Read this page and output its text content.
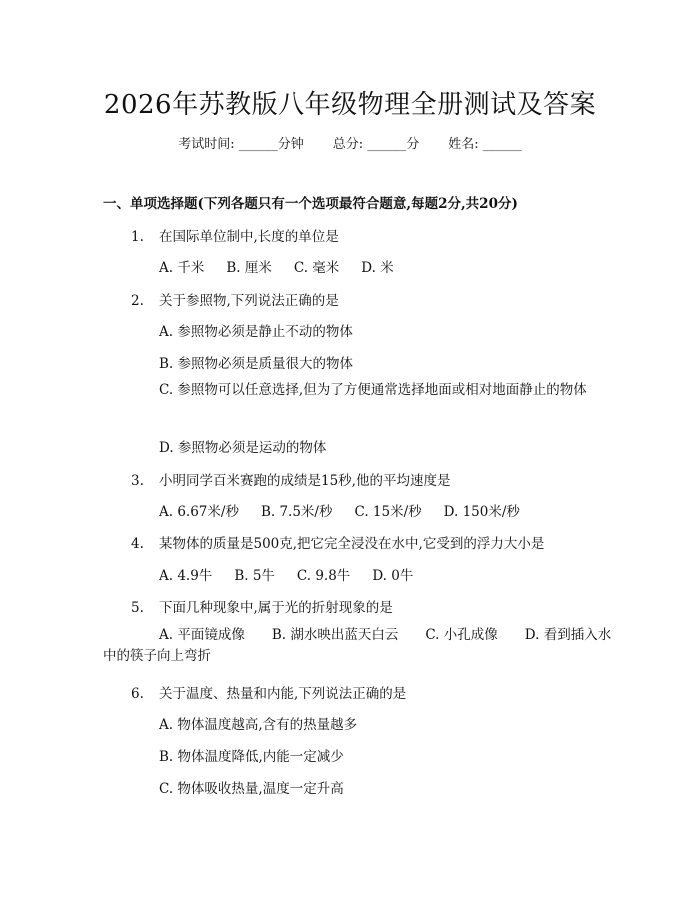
2026年苏教版八年级物理全册测试及答案
考试时间: ______分钟 总分: ______分 姓名: ______
一、单项选择题(下列各题只有一个选项最符合题意,每题2分,共20分)
1. 在国际单位制中,长度的单位是
A. 千米 B. 厘米 C. 毫米 D. 米
2. 关于参照物,下列说法正确的是
A. 参照物必须是静止不动的物体
B. 参照物必须是质量很大的物体
C. 参照物可以任意选择,但为了方便通常选择地面或相对地面静止的物体
D. 参照物必须是运动的物体
3. 小明同学百米赛跑的成绩是15秒,他的平均速度是
A. 6.67米/秒 B. 7.5米/秒 C. 15米/秒 D. 150米/秒
4. 某物体的质量是500克,把它完全浸没在水中,它受到的浮力大小是
A. 4.9牛 B. 5牛 C. 9.8牛 D. 0牛
5. 下面几种现象中,属于光的折射现象的是
A. 平面镜成像　　B. 湖水映出蓝天白云　　C. 小孔成像　　D. 看到插入水中的筷子向上弯折
6. 关于温度、热量和内能,下列说法正确的是
A. 物体温度越高,含有的热量越多
B. 物体温度降低,内能一定减少
C. 物体吸收热量,温度一定升高
